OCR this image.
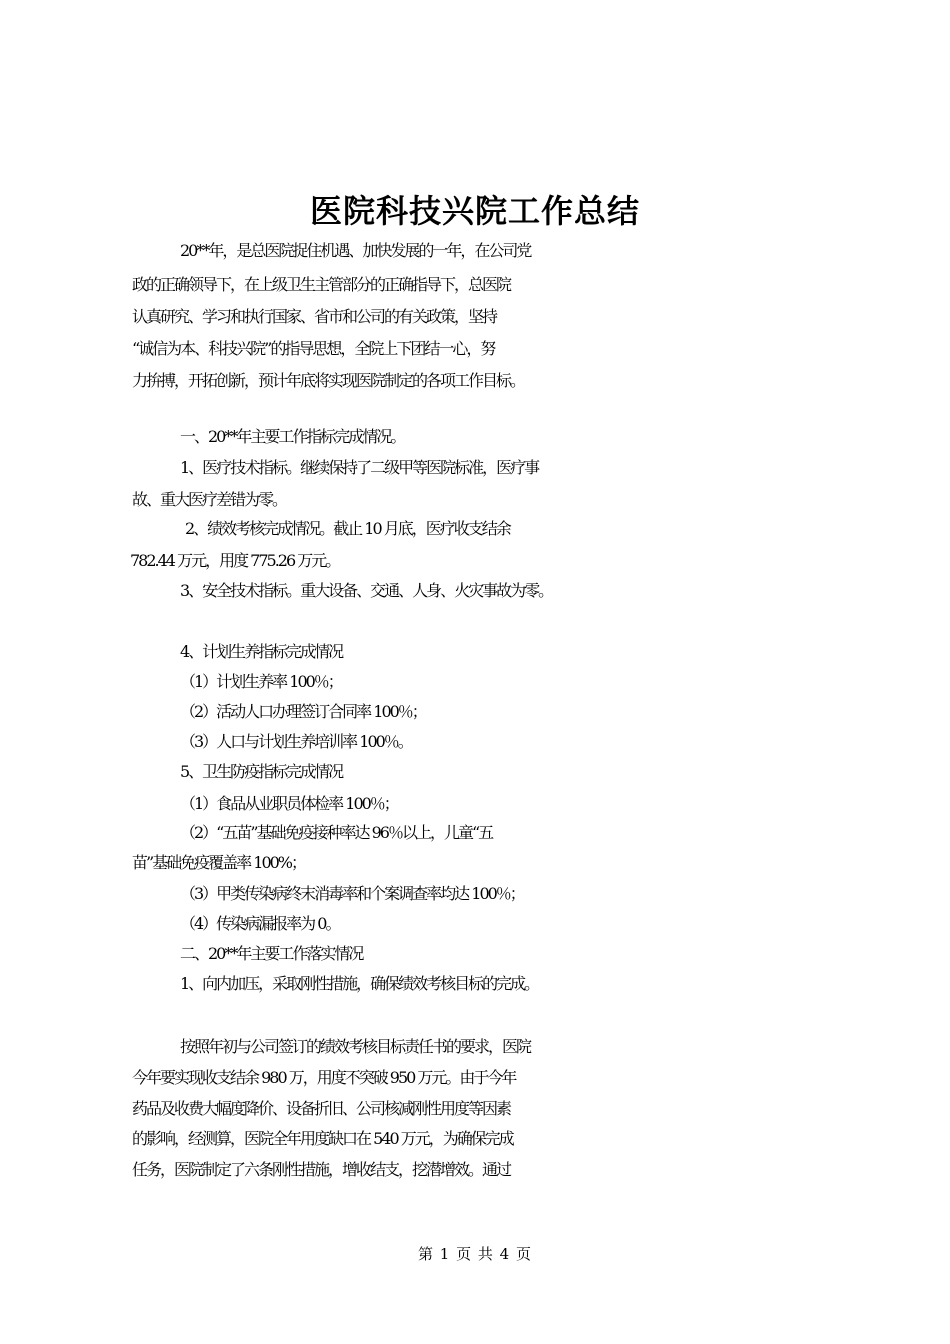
医院科技兴院工作总结
20**年，是总医院捉住机遇、加快发展的一年，在公司党
政的正确领导下，在上级卫生主管部分的正确指导下，总医院
认真研究、学习和执行国家、省市和公司的有关政策，坚持
“诚信为本、科技兴院”的指导思想，全院上下团结一心，努
力拚搏，开拓创新，预计年底将实现医院制定的各项工作目标。
一、20**年主要工作指标完成情况。
1、医疗技术指标。继续保持了二级甲等医院标准，医疗事
故、重大医疗差错为零。
2、绩效考核完成情况。截止 10 月底，医疗收支结余
782.44 万元，用度 775.26 万元。
3、安全技术指标。重大设备、交通、人身、火灾事故为零。
4、计划生养指标完成情况
（1）计划生养率 100％；
（2）活动人口办理签订合同率 100％；
（3）人口与计划生养培训率 100％。
5、卫生防疫指标完成情况
（1）食品从业职员体检率 100％；
（2）“五苗”基础免疫接种率达 96％以上，儿童“五
苗”基础免疫覆盖率 100%；
（3）甲类传染病终末消毒率和个案调查率均达 100％；
（4）传染病漏报率为 0。
二、20**年主要工作落实情况
1、向内加压，采取刚性措施，确保绩效考核目标的完成。
按照年初与公司签订的绩效考核目标责任书的要求，医院
今年要实现收支结余 980 万，用度不突破 950 万元。由于今年
药品及收费大幅度降价、设备折旧、公司核减刚性用度等因素
的影响，经测算，医院全年用度缺口在 540 万元，为确保完成
任务，医院制定了六条刚性措施，增收结支，挖潜增效。通过
第 1 页 共 4 页
